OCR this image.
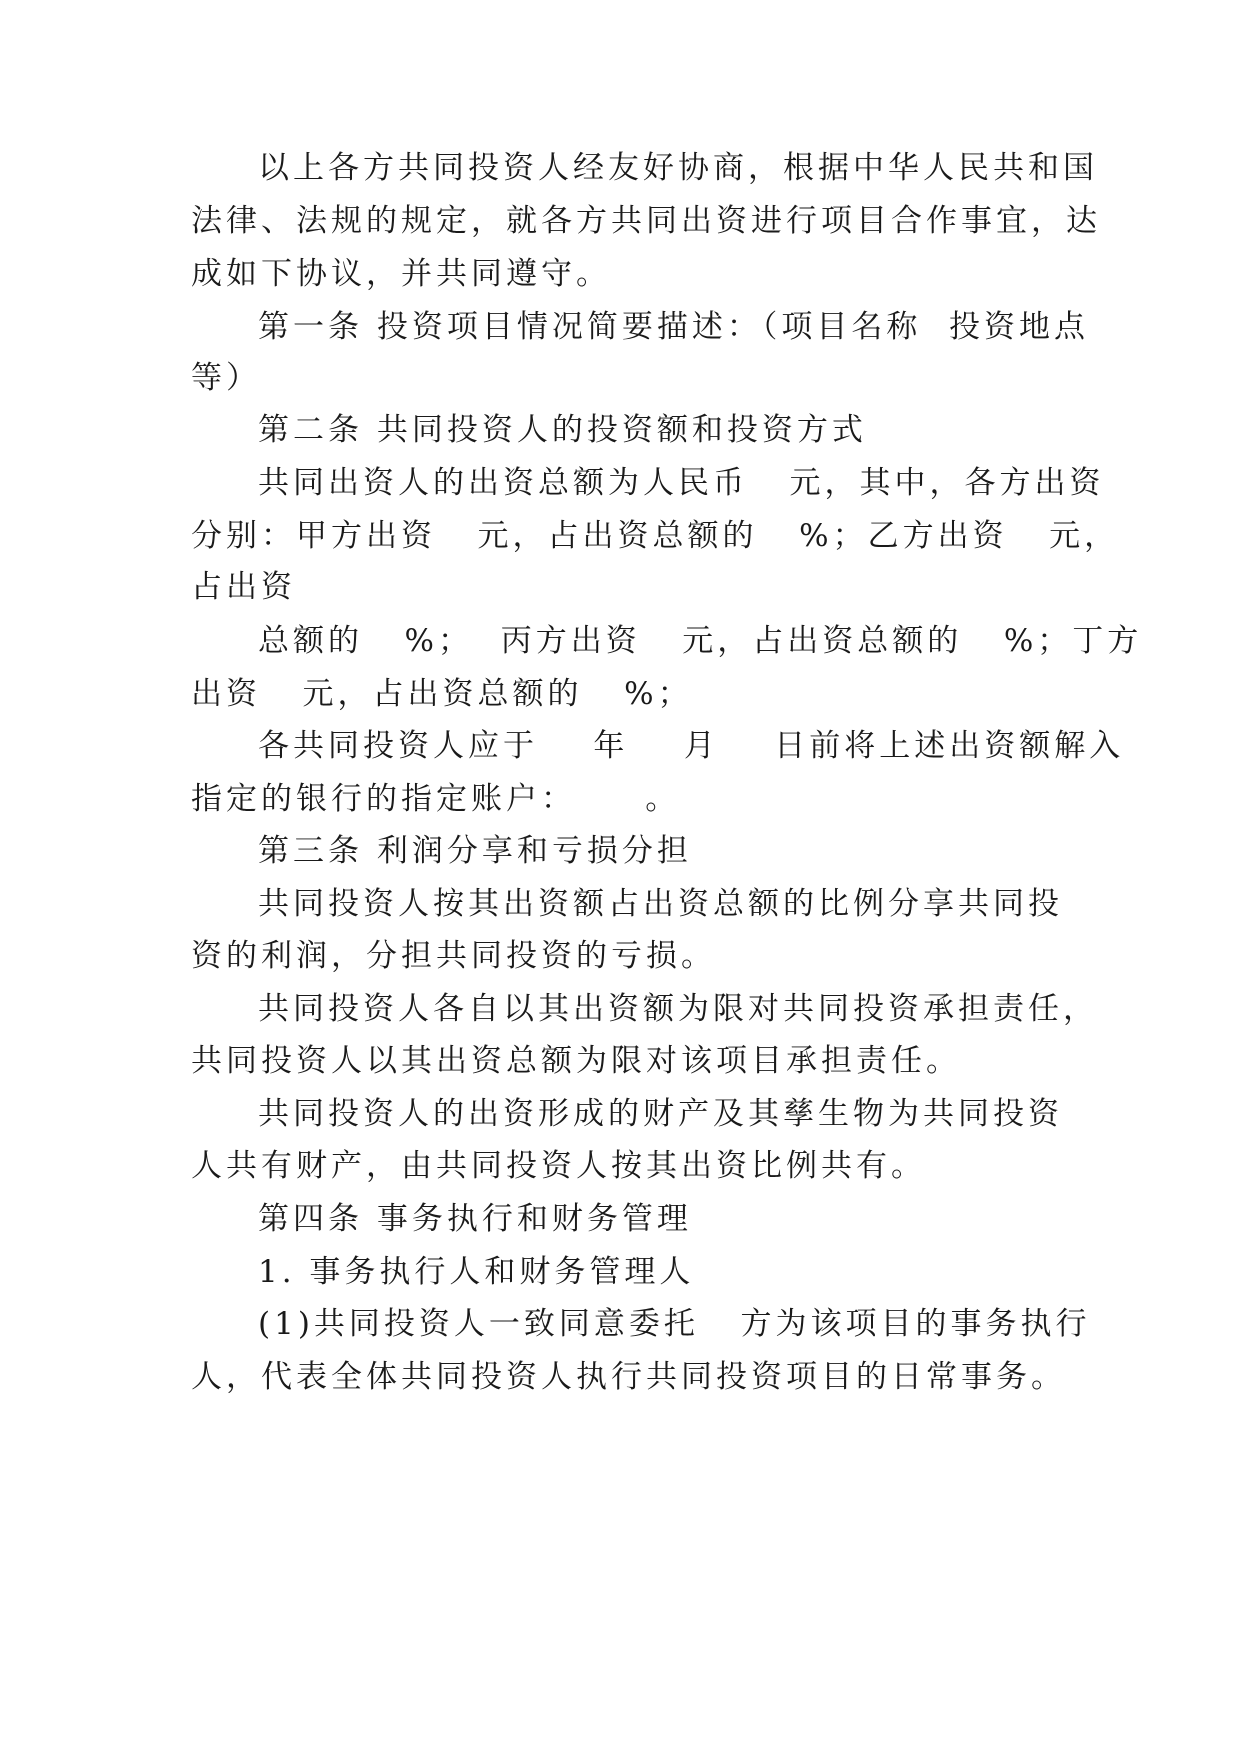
以上各方共同投资人经友好协商，根据中华人民共和国
法律、法规的规定，就各方共同出资进行项目合作事宜，达
成如下协议，并共同遵守。
第一条 投资项目情况简要描述：（项目名称  投资地点
等）
第二条 共同投资人的投资额和投资方式
共同出资人的出资总额为人民币   元，其中，各方出资
分别：甲方出资   元，占出资总额的   %；乙方出资   元，
占出资
总额的   %；  丙方出资   元，占出资总额的   %；丁方
出资   元，占出资总额的   %；
各共同投资人应于    年    月    日前将上述出资额解入
指定的银行的指定账户：     。
第三条 利润分享和亏损分担
共同投资人按其出资额占出资总额的比例分享共同投
资的利润，分担共同投资的亏损。
共同投资人各自以其出资额为限对共同投资承担责任，
共同投资人以其出资总额为限对该项目承担责任。
共同投资人的出资形成的财产及其孳生物为共同投资
人共有财产，由共同投资人按其出资比例共有。
第四条 事务执行和财务管理
1. 事务执行人和财务管理人
(1)共同投资人一致同意委托   方为该项目的事务执行
人，代表全体共同投资人执行共同投资项目的日常事务。
